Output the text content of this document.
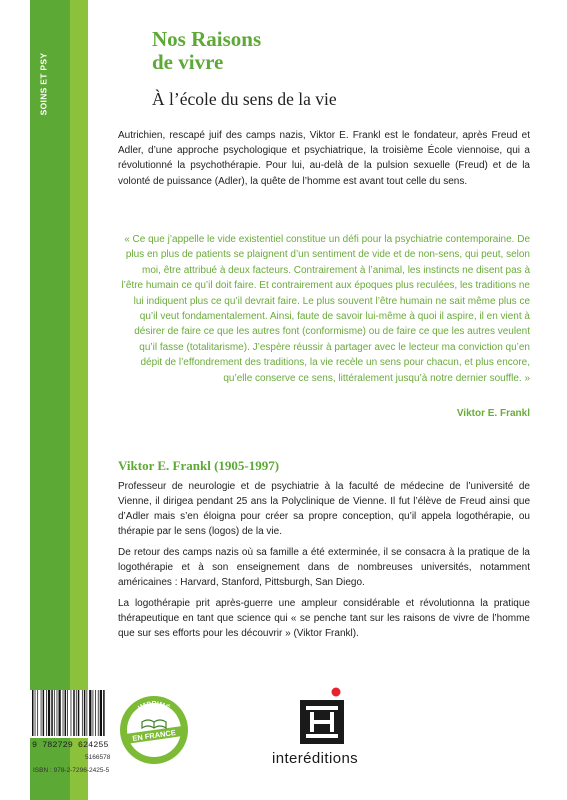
SOINS ET PSY
Nos Raisons
de vivre
À l’école du sens de la vie
Autrichien, rescapé juif des camps nazis, Viktor E. Frankl est le fondateur, après Freud et Adler, d’une approche psychologique et psychiatrique, la troisième École viennoise, qui a révolutionné la psychothérapie. Pour lui, au-delà de la pulsion sexuelle (Freud) et de la volonté de puissance (Adler), la quête de l’homme est avant tout celle du sens.
« Ce que j’appelle le vide existentiel constitue un défi pour la psychiatrie contemporaine. De plus en plus de patients se plaignent d’un sentiment de vide et de non-sens, qui peut, selon moi, être attribué à deux facteurs. Contrairement à l’animal, les instincts ne disent pas à l’être humain ce qu’il doit faire. Et contrairement aux époques plus reculées, les traditions ne lui indiquent plus ce qu’il devrait faire. Le plus souvent l’être humain ne sait même plus ce qu’il veut fondamentalement. Ainsi, faute de savoir lui-même à quoi il aspire, il en vient à désirer de faire ce que les autres font (conformisme) ou de faire ce que les autres veulent qu’il fasse (totalitarisme). J’espère réussir à partager avec le lecteur ma conviction qu’en dépit de l’effondrement des traditions, la vie recèle un sens pour chacun, et plus encore, qu’elle conserve ce sens, littéralement jusqu’à notre dernier souffle. »
Viktor E. Frankl
Viktor E. Frankl (1905-1997)

Professeur de neurologie et de psychiatrie à la faculté de médecine de l’université de Vienne, il dirigea pendant 25 ans la Polyclinique de Vienne. Il fut l’élève de Freud ainsi que d’Adler mais s’en éloigna pour créer sa propre conception, qu’il appela logothérapie, ou thérapie par le sens (logos) de la vie.

De retour des camps nazis où sa famille a été exterminée, il se consacra à la pratique de la logothérapie et à son enseignement dans de nombreuses universités, notamment américaines : Harvard, Stanford, Pittsburgh, San Diego.

La logothérapie prit après-guerre une ampleur considérable et révolutionna la pratique thérapeutique en tant que science qui « se penche tant sur les raisons de vivre de l’homme que sur ses efforts pour les découvrir » (Viktor Frankl).

9 782729 624255
5166578
ISBN : 978-2-7296-2425-5
IMPRIMÉ
EN FRANCE
interéditions
